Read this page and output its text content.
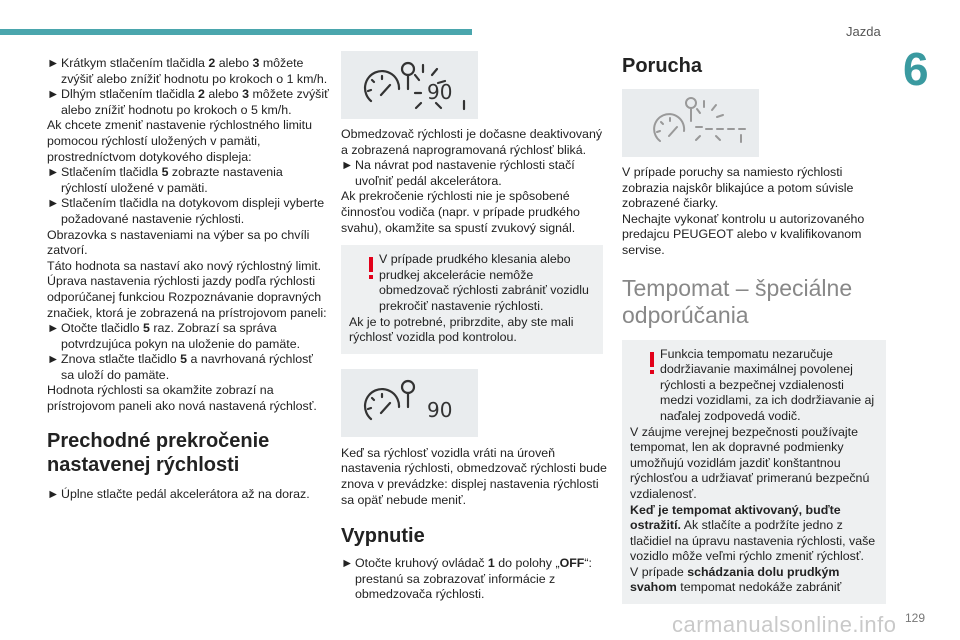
Jazda
6
129
carmanualsonline.info
► Krátkym stlačením tlačidla 2 alebo 3 môžete zvýšiť alebo znížiť hodnotu po krokoch o 1 km/h.
► Dlhým stlačením tlačidla 2 alebo 3 môžete zvýšiť alebo znížiť hodnotu po krokoch o 5 km/h.
Ak chcete zmeniť nastavenie rýchlostného limitu pomocou rýchlostí uložených v pamäti, prostredníctvom dotykového displeja:
► Stlačením tlačidla 5 zobrazte nastavenia rýchlostí uložené v pamäti.
► Stlačením tlačidla na dotykovom displeji vyberte požadované nastavenie rýchlosti.
Obrazovka s nastaveniami na výber sa po chvíli zatvorí.
Táto hodnota sa nastaví ako nový rýchlostný limit.
Úprava nastavenia rýchlosti jazdy podľa rýchlosti odporúčanej funkciou Rozpoznávanie dopravných značiek, ktorá je zobrazená na prístrojovom paneli:
► Otočte tlačidlo 5 raz. Zobrazí sa správa potvrdzujúca pokyn na uloženie do pamäte.
► Znova stlačte tlačidlo 5 a navrhovaná rýchlosť sa uloží do pamäte.
Hodnota rýchlosti sa okamžite zobrazí na prístrojovom paneli ako nová nastavená rýchlosť.
Prechodné prekročenie nastavenej rýchlosti
► Úplne stlačte pedál akcelerátora až na doraz.
90
Obmedzovač rýchlosti je dočasne deaktivovaný a zobrazená naprogramovaná rýchlosť bliká.
► Na návrat pod nastavenie rýchlosti stačí uvoľniť pedál akcelerátora.
Ak prekročenie rýchlosti nie je spôsobené činnosťou vodiča (napr. v prípade prudkého svahu), okamžite sa spustí zvukový signál.
V prípade prudkého klesania alebo prudkej akcelerácie nemôže obmedzovač rýchlosti zabrániť vozidlu prekročiť nastavenie rýchlosti.
Ak je to potrebné, pribrzdite, aby ste mali rýchlosť vozidla pod kontrolou.
90
Keď sa rýchlosť vozidla vráti na úroveň nastavenia rýchlosti, obmedzovač rýchlosti bude znova v prevádzke: displej nastavenia rýchlosti sa opäť nebude meniť.
Vypnutie
► Otočte kruhový ovládač 1 do polohy „OFF“: prestanú sa zobrazovať informácie z obmedzovača rýchlosti.
Porucha
V prípade poruchy sa namiesto rýchlosti zobrazia najskôr blikajúce a potom súvisle zobrazené čiarky.
Nechajte vykonať kontrolu u autorizovaného predajcu PEUGEOT alebo v kvalifikovanom servise.
Tempomat – špeciálne odporúčania
Funkcia tempomatu nezaručuje dodržiavanie maximálnej povolenej rýchlosti a bezpečnej vzdialenosti medzi vozidlami, za ich dodržiavanie aj naďalej zodpovedá vodič.
V záujme verejnej bezpečnosti používajte tempomat, len ak dopravné podmienky umožňujú vozidlám jazdiť konštantnou rýchlosťou a udržiavať primeranú bezpečnú vzdialenosť.
Keď je tempomat aktivovaný, buďte ostražití. Ak stlačíte a podržíte jedno z tlačidiel na úpravu nastavenia rýchlosti, vaše vozidlo môže veľmi rýchlo zmeniť rýchlosť.
V prípade schádzania dolu prudkým svahom tempomat nedokáže zabrániť
